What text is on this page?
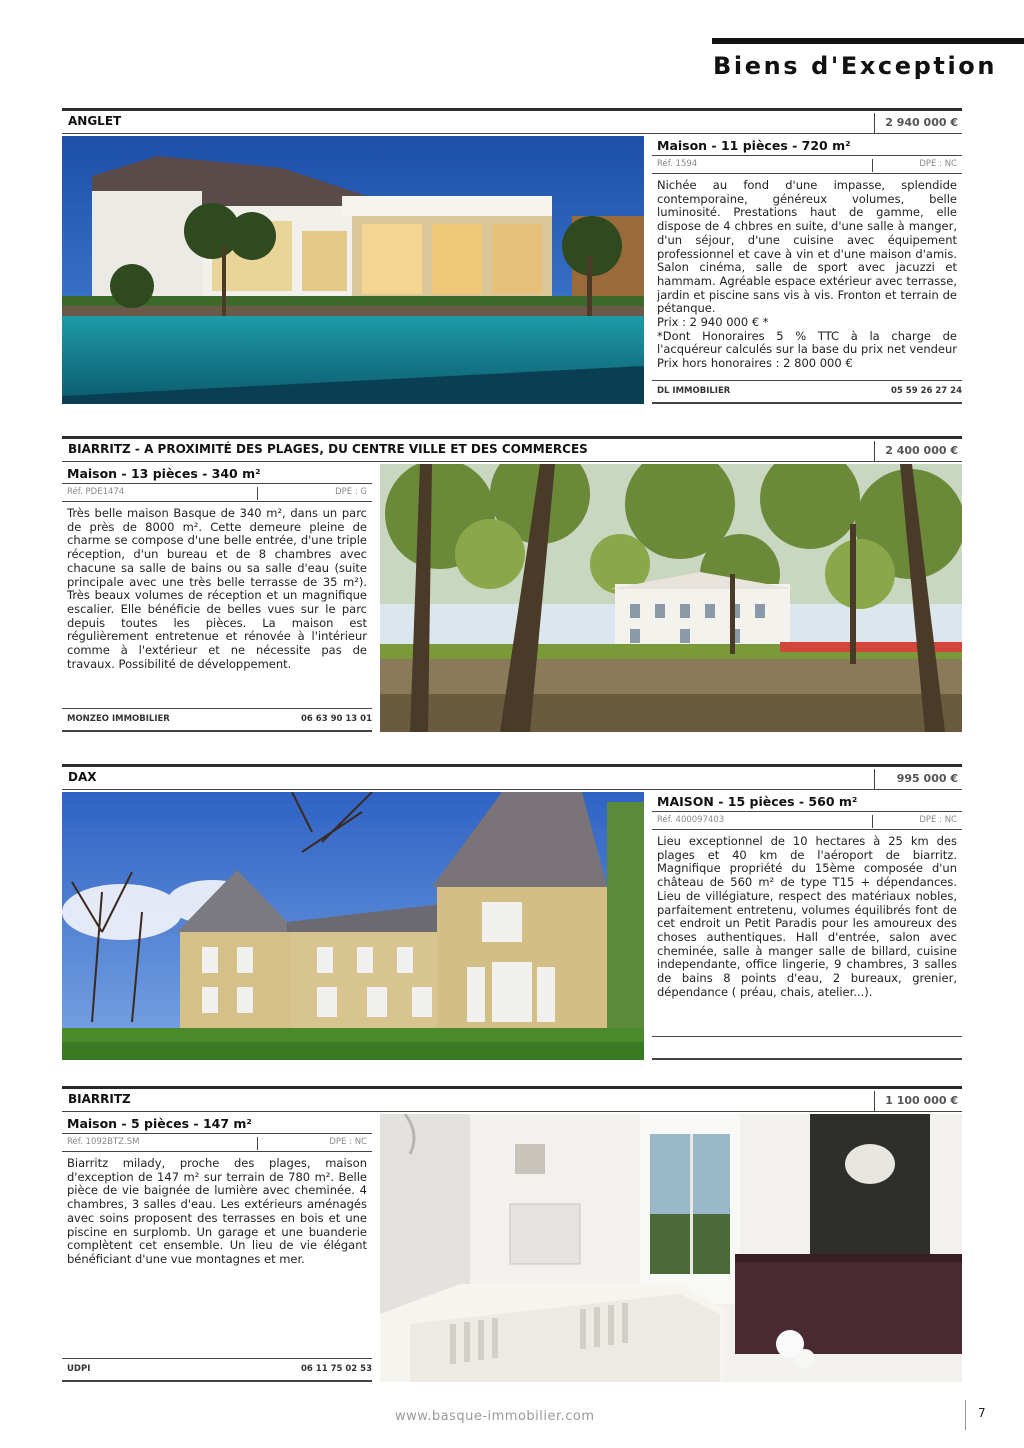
Biens d'Exception
ANGLET	2 940 000 €
Maison - 11 pièces - 720 m²
Réf. 1594	DPE : NC

Nichée au fond d'une impasse, splendide contemporaine, généreux volumes, belle luminosité. Prestations haut de gamme, elle dispose de 4 chbres en suite, d'une salle à manger, d'un séjour, d'une cuisine avec équipement professionnel et cave à vin et d'une maison d'amis. Salon cinéma, salle de sport avec jacuzzi et hammam. Agréable espace extérieur avec terrasse, jardin et piscine sans vis à vis. Fronton et terrain de pétanque.

Prix : 2 940 000 € *

*Dont Honoraires 5 % TTC à la charge de l'acquéreur calculés sur la base du prix net vendeur Prix hors honoraires : 2 800 000 €

DL IMMOBILIER	05 59 26 27 24
BIARRITZ - A PROXIMITÉ DES PLAGES, DU CENTRE VILLE ET DES COMMERCES	2 400 000 €
Maison - 13 pièces - 340 m²
Réf. PDE1474	DPE : G

Très belle maison Basque de 340 m², dans un parc de près de 8000 m². Cette demeure pleine de charme se compose d'une belle entrée, d'une triple réception, d'un bureau et de 8 chambres avec chacune sa salle de bains ou sa salle d'eau (suite principale avec une très belle terrasse de 35 m²). Très beaux volumes de réception et un magnifique escalier. Elle bénéficie de belles vues sur le parc depuis toutes les pièces. La maison est régulièrement entretenue et rénovée à l'intérieur comme à l'extérieur et ne nécessite pas de travaux. Possibilité de développement.

MONZEO IMMOBILIER	06 63 90 13 01
DAX	995 000 €
MAISON - 15 pièces - 560 m²
Réf. 400097403	DPE : NC

Lieu exceptionnel de 10 hectares à 25 km des plages et 40 km de l'aéroport de biarritz. Magnifique propriété du 15ème composée d'un château de 560 m² de type T15 + dépendances. Lieu de villégiature, respect des matériaux nobles, parfaitement entretenu, volumes équilibrés font de cet endroit un Petit Paradis pour les amoureux des choses authentiques. Hall d'entrée, salon avec cheminée, salle à manger salle de billard, cuisine independante, office lingerie, 9 chambres, 3 salles de bains 8 points d'eau, 2 bureaux, grenier, dépendance ( préau, chais, atelier...).

BIARRITZ	1 100 000 €
Maison - 5 pièces - 147 m²
Réf. 1092BTZ.SM	DPE : NC

Biarritz milady, proche des plages, maison d'exception de 147 m² sur terrain de 780 m². Belle pièce de vie baignée de lumière avec cheminée. 4 chambres, 3 salles d'eau. Les extérieurs aménagés avec soins proposent des terrasses en bois et une piscine en surplomb. Un garage et une buanderie complètent cet ensemble. Un lieu de vie élégant bénéficiant d'une vue montagnes et mer.

UDPI	06 11 75 02 53
www.basque-immobilier.com	7
